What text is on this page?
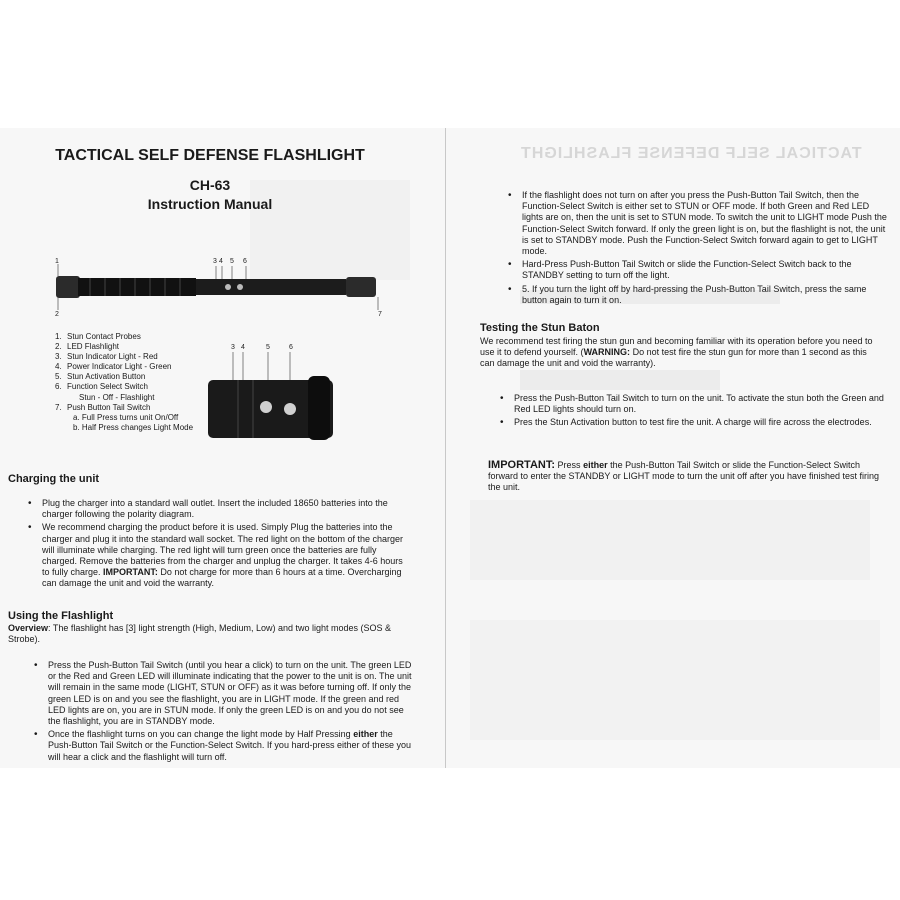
TACTICAL SELF DEFENSE FLASHLIGHT
TACTICAL SELF DEFENSE FLASHLIGHT
CH-63
Instruction Manual
1
2
3 4 5 6
7
1. Stun Contact Probes
2. LED Flashlight
3. Stun Indicator Light - Red
4. Power Indicator Light - Green
5. Stun Activation Button
6. Function Select Switch
Stun - Off - Flashlight
7. Push Button Tail Switch
a. Full Press turns unit On/Off
b. Half Press changes Light Mode
3 4	5	6
Charging the unit
• Plug the charger into a standard wall outlet. Insert the included 18650 batteries into the charger following the polarity diagram.
• We recommend charging the product before it is used. Simply Plug the batteries into the charger and plug it into the standard wall socket. The red light on the bottom of the charger will illuminate while charging. The red light will turn green once the batteries are fully charged. Remove the batteries from the charger and unplug the charger. It takes 4-6 hours to fully charge. IMPORTANT: Do not charge for more than 6 hours at a time. Overcharging can damage the unit and void the warranty.
Using the Flashlight
Overview: The flashlight has [3] light strength (High, Medium, Low) and two light modes (SOS & Strobe).
• Press the Push-Button Tail Switch (until you hear a click) to turn on the unit. The green LED or the Red and Green LED will illuminate indicating that the power to the unit is on. The unit will remain in the same mode (LIGHT, STUN or OFF) as it was before turning off. If only the green LED is on and you see the flashlight, you are in LIGHT mode. If the green and red LED lights are on, you are in STUN mode. If only the green LED is on and you do not see the flashlight, you are in STANDBY mode.
• Once the flashlight turns on you can change the light mode by Half Pressing either the Push-Button Tail Switch or the Function-Select Switch. If you hard-press either of these you will hear a click and the flashlight will turn off.
• If the flashlight does not turn on after you press the Push-Button Tail Switch, then the Function-Select Switch is either set to STUN or OFF mode. If both Green and Red LED lights are on, then the unit is set to STUN mode. To switch the unit to LIGHT mode Push the Function-Select Switch forward. If only the green light is on, but the flashlight is not, the unit is set to STANDBY mode. Push the Function-Select Switch forward again to get to LIGHT mode.
• Hard-Press Push-Button Tail Switch or slide the Function-Select Switch back to the STANDBY setting to turn off the light.
• 5. If you turn the light off by hard-pressing the Push-Button Tail Switch, press the same button again to turn it on.
Testing the Stun Baton
We recommend test firing the stun gun and becoming familiar with its operation before you need to use it to defend yourself. (WARNING: Do not test fire the stun gun for more than 1 second as this can damage the unit and void the warranty).
• Press the Push-Button Tail Switch to turn on the unit. To activate the stun both the Green and Red LED lights should turn on.
• Pres the Stun Activation button to test fire the unit. A charge will fire across the electrodes.
IMPORTANT: Press either the Push-Button Tail Switch or slide the Function-Select Switch forward to enter the STANDBY or LIGHT mode to turn the unit off after you have finished test firing the unit.
